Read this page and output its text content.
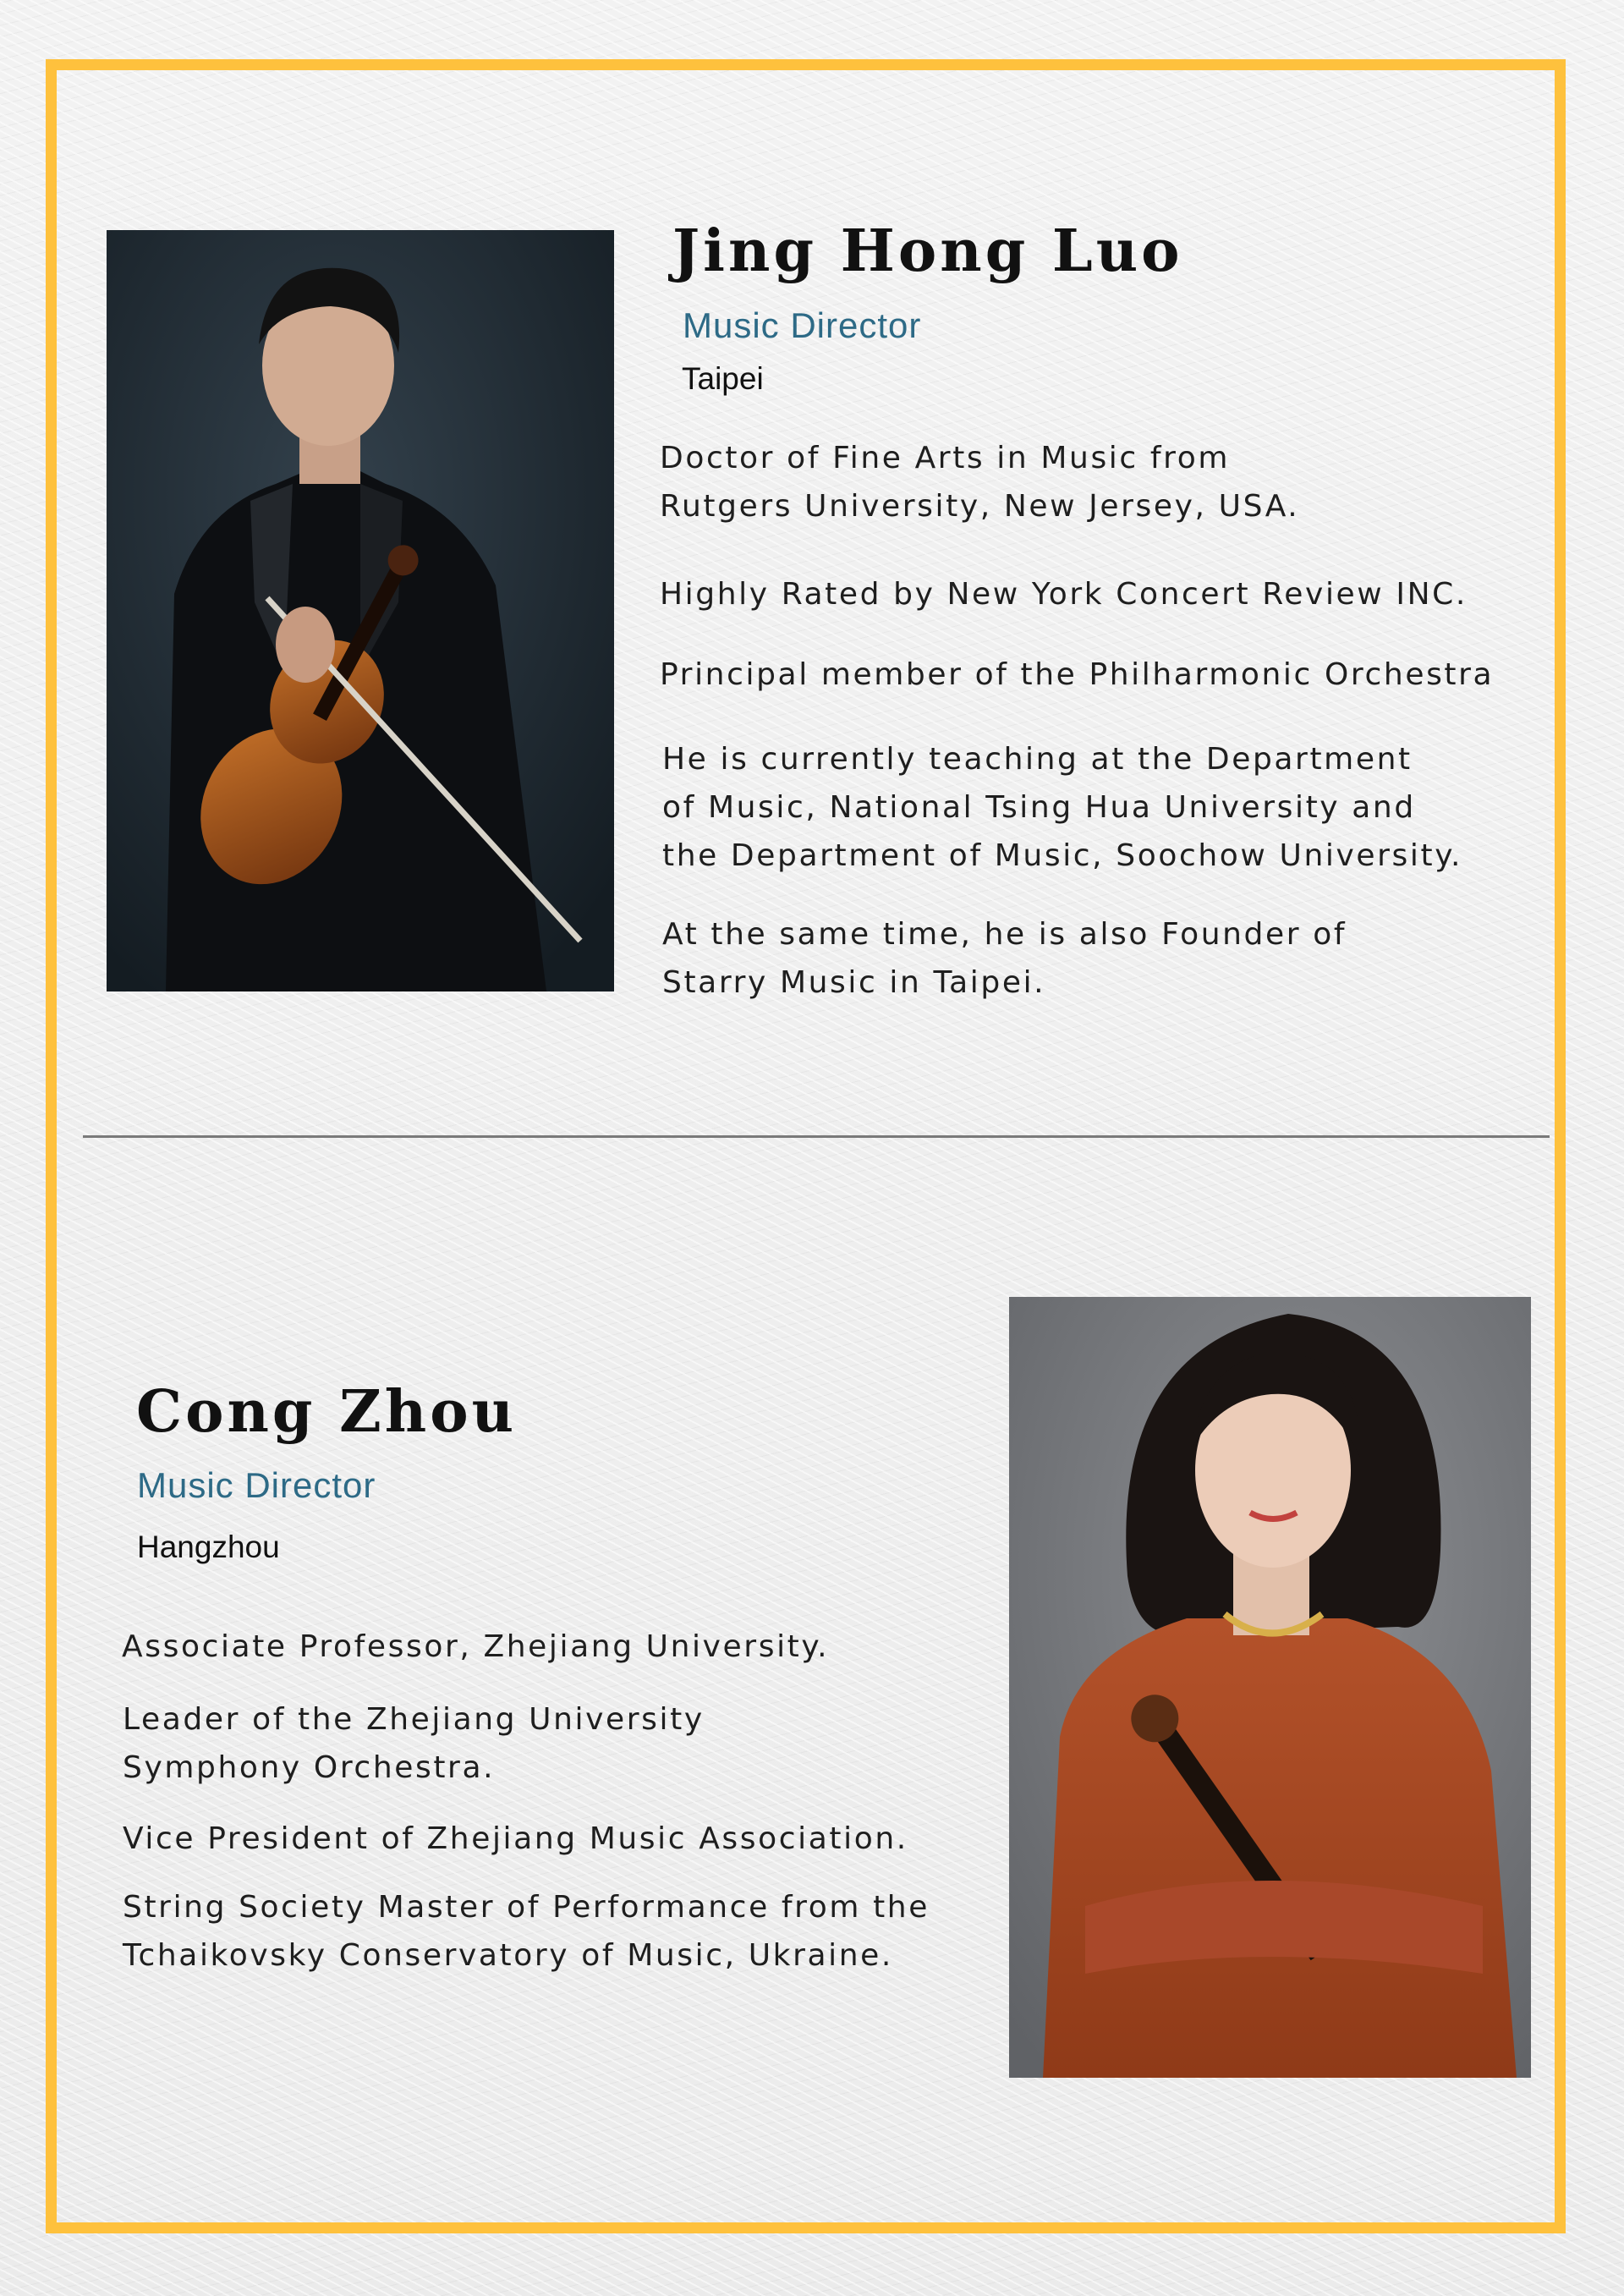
Jing Hong Luo
Music Director
Taipei

Doctor of Fine Arts in Music from
Rutgers University, New Jersey, USA.

Highly Rated by New York Concert Review INC.

Principal member of the Philharmonic Orchestra

He is currently teaching at the Department
of Music, National Tsing Hua University and
the Department of Music, Soochow University.

At the same time, he is also Founder of
Starry Music in Taipei.

Cong Zhou
Music Director
Hangzhou

Associate Professor, Zhejiang University.

Leader of the Zhejiang University
Symphony Orchestra.

Vice President of Zhejiang Music Association.

String Society Master of Performance from the
Tchaikovsky Conservatory of Music, Ukraine.
